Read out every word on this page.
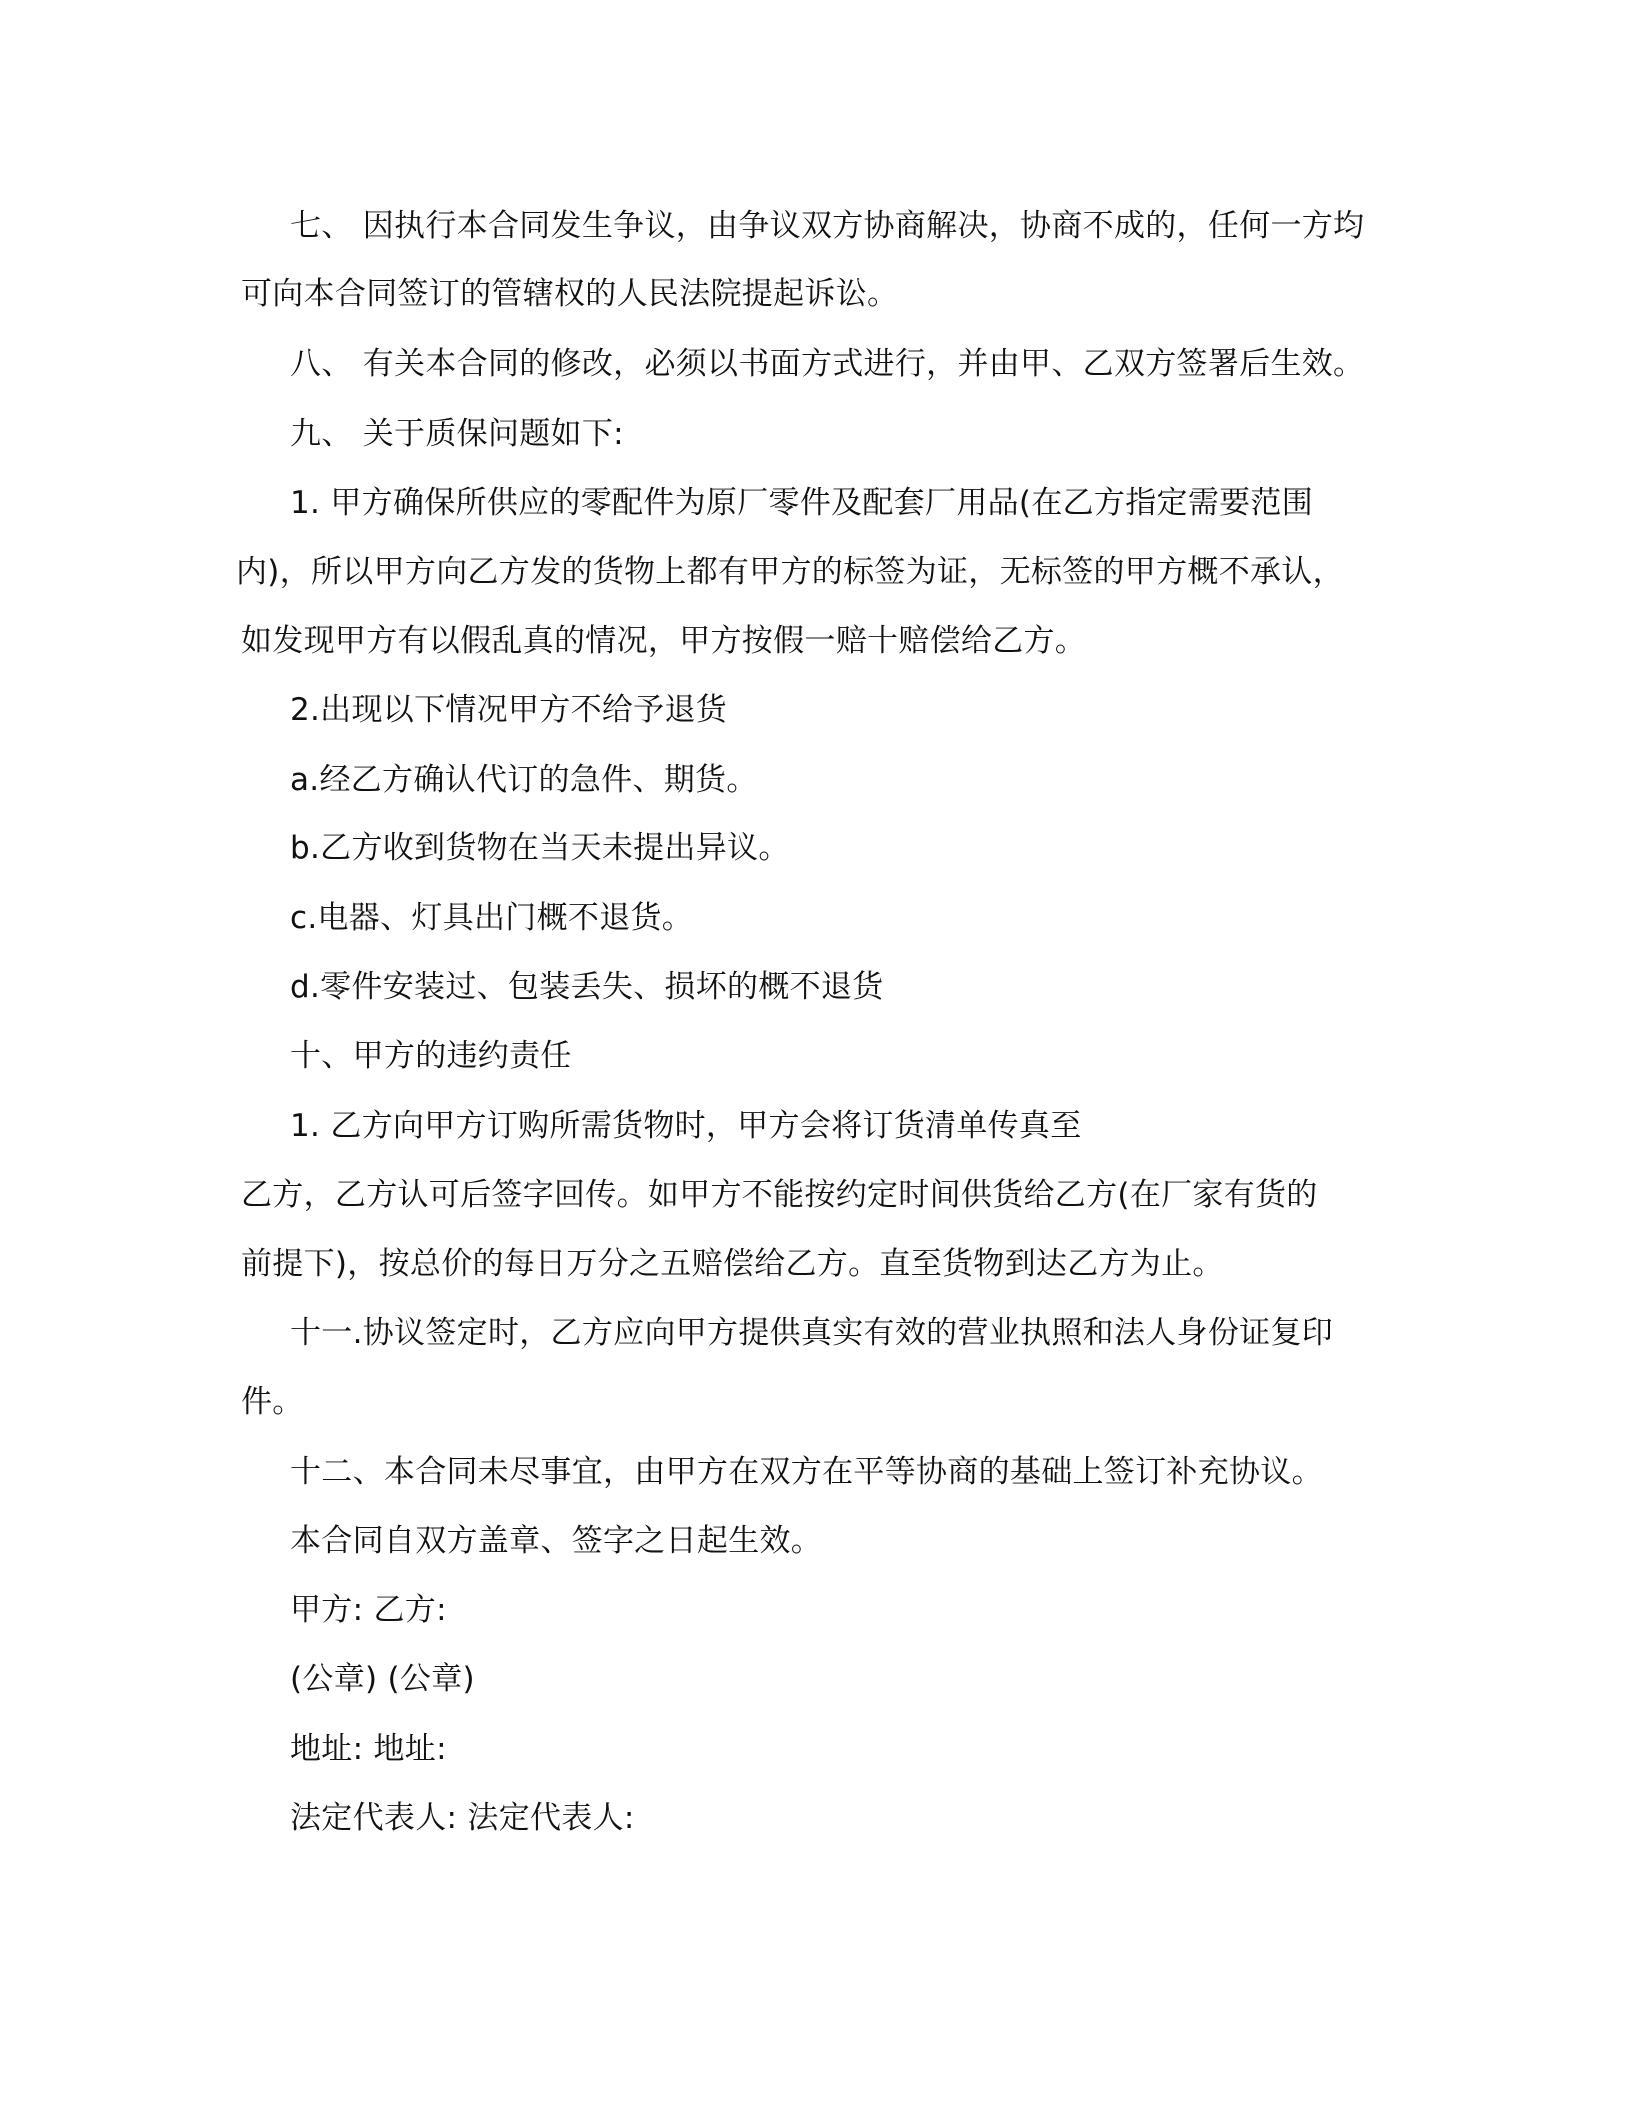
七、 因执行本合同发生争议，由争议双方协商解决，协商不成的，任何一方均
可向本合同签订的管辖权的人民法院提起诉讼。
八、 有关本合同的修改，必须以书面方式进行，并由甲、乙双方签署后生效。
九、 关于质保问题如下:
1. 甲方确保所供应的零配件为原厂零件及配套厂用品(在乙方指定需要范围
内)，所以甲方向乙方发的货物上都有甲方的标签为证，无标签的甲方概不承认，
如发现甲方有以假乱真的情况，甲方按假一赔十赔偿给乙方。
2.出现以下情况甲方不给予退货
a.经乙方确认代订的急件、期货。
b.乙方收到货物在当天未提出异议。
c.电器、灯具出门概不退货。
d.零件安装过、包装丢失、损坏的概不退货
十、甲方的违约责任
1. 乙方向甲方订购所需货物时，甲方会将订货清单传真至
乙方，乙方认可后签字回传。如甲方不能按约定时间供货给乙方(在厂家有货的
前提下)，按总价的每日万分之五赔偿给乙方。直至货物到达乙方为止。
十一.协议签定时，乙方应向甲方提供真实有效的营业执照和法人身份证复印
件。
十二、本合同未尽事宜，由甲方在双方在平等协商的基础上签订补充协议。
本合同自双方盖章、签字之日起生效。
甲方: 乙方:
(公章) (公章)
地址: 地址:
法定代表人: 法定代表人:
